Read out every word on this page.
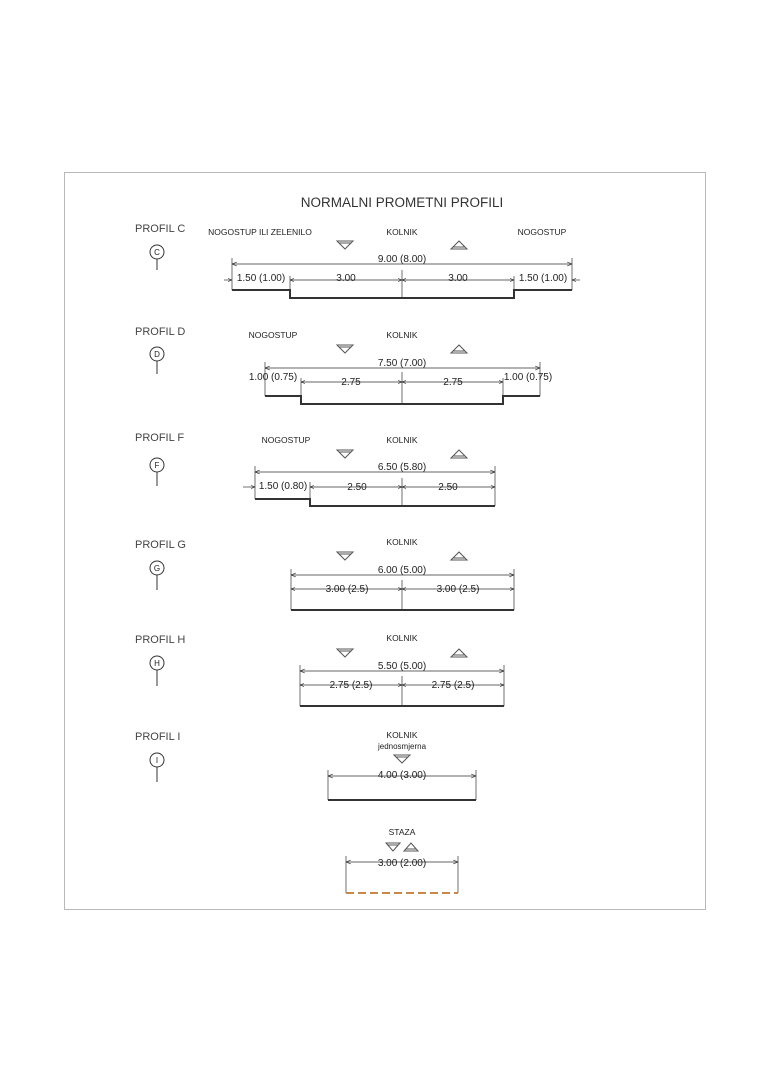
NORMALNI PROMETNI PROFILI
PROFIL C
C
NOGOSTUP ILI ZELENILO	KOLNIK	NOGOSTUP
9.00 (8.00)
1.50 (1.00)	3.00	3.00	1.50 (1.00)
PROFIL D
D
NOGOSTUP	KOLNIK
7.50 (7.00)
1.00 (0.75)	2.75	2.75	1.00 (0.75)
PROFIL F
F
NOGOSTUP	KOLNIK
6.50 (5.80)
1.50 (0.80)	2.50	2.50
PROFIL G
G
KOLNIK
6.00 (5.00)
3.00 (2.5)	3.00 (2.5)
PROFIL H
H
KOLNIK
5.50 (5.00)
2.75 (2.5)	2.75 (2.5)
PROFIL I
I
KOLNIK
jednosmjerna
4.00 (3.00)
STAZA
3.00 (2.00)
